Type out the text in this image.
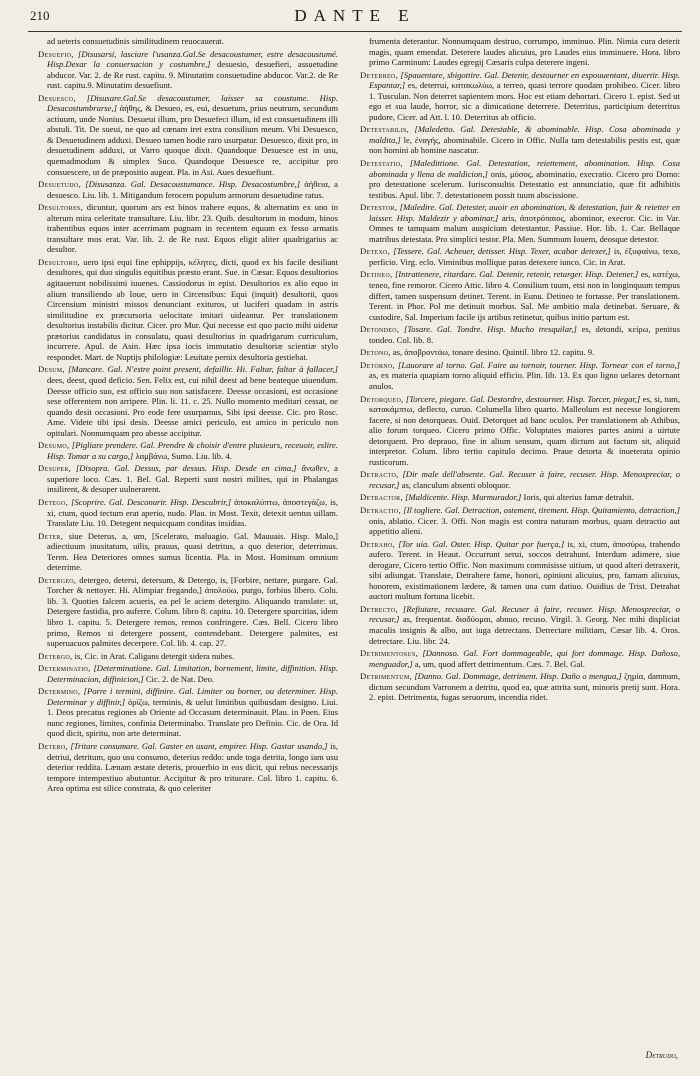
210	DANTE E

ad ueteris consuetudinis similitudinem reuocauerat.

Desuefio, [Disusarsi, lasciare l'usanza.Gal.Se desacoustumer, estre desacoustumé. Hisp.Dexar la conuersacion y costumbre,] desuesio, desuefieri, assuetudine abducor. Var. 2. de Re rust. capitu. 9. Minutatim consuetudine abducor. Var.2. de Re rust. capitu.9. Minutatim desuefiunt.

Desuesco, [Disusare.Gal.Se desacoustumer, laisser sa coustume. Hisp. Desacostumbrarse,] ἀήθης, & Desueo, es, eui, desuetum, prius neutrum, secundum actiuum, unde Nonius. Desueui illum, pro Desuefeci illum, id est consuetudinem illi abstuli. Tit. De sueui, ne quo ad cœnam iret extra consilium meum. Vbi Desuesco, & Desuetudinem adduxi. Desueo tamen hodie raro usurpatur. Desuesco, dixit pro, in desuetudinem adduxi, ut Varro quoque dixit. Quandoque Desuesce est in usu, quemadmodum & simplex Suco. Quandoque Desuesce re, accipitur pro consuescere, ut de præpositio augeat. Pla. in Asi. Aues desuefiunt.

Desuetudo, [Disusanza. Gal. Desacoustumance. Hisp. Desacostumbre,] ἀήθεια, a desuesco. Liu. lib. 1. Mitigandum ferocem populum armorum desuetudine ratus.

Desultores, dicuntur, quorum ars est binos trahere equos, & alternatim ex uno in alterum mira celeritate transultare. Liu. libr. 23. Quib. desultorum in modum, binos trahentibus equos inter acerrimam pugnam in recentem equum ex fesso armatis transultare mos erat. Var. lib. 2. de Re rust. Equos eligit aliter quadrigarius ac desultor.

Desultorii, uero ipsi equi fine ephippijs, κέλητες, dicti, quod ex his facile desiliant desultores, qui duo singulis equitibus præsto erant. Sue. in Cæsar. Equos desultorios agitauerunt nobilissimi iuuenes. Cassiodorus in epist. Desultorios ex alio equo in alium transiliendo ab Ioue, uero in Circensibus: Equi (inquit) desultorii, quos Circensium ministri missos denunciant exituros, ut luciferi quadam in astris similitudine ex præcursoria uelocitate imitari uideantur. Per translationem desultorius instabilis dicitur. Cicer. pro Mur. Qui necesse est quo pacto mihi uidetur prætorius candidatus in consulatu, quasi desultorius in quadrigarum curriculum, incurrere. Apul. de Asin. Hæc ipsa iocis immutatio desultoriæ scientiæ stylo respondet. Mart. de Nuptijs philologiæ: Leuitate pernix desultoria gestiebat.

Desum, [Mancare. Gal. N'estre point present, defaillir. Hi. Faltar, faltar à fallacer,] dees, deest, quod deficio. Sen. Felix est, cui nihil deest ad bene beateque uiuendum. Deesse officio suo, est officio suo non satisfacere. Deesse occasioni, est occasione sese offerentem non arripere. Plin. li. 11. c. 25. Nullo momento meditari cessat, ne quando desit occasioni. Pro eode fere usurpamus, Sibi ipsi deesse. Cic. pro Rosc. Ame. Videte tibi ipsi desis. Deesse amici periculo, est amico in periculo non opitulari. Nonnumquam pro abesse accipitur.

Desumo, [Pigliare prendere. Gal. Prendre & choisir d'entre plusieurs, receuoir, eslire. Hisp. Tomar a su cargo,] λαμβάνω, Sumo. Liu. lib. 4.

Desuper, [Disopra. Gal. Dessus, par dessus. Hisp. Desde en cima,] ἄνωθεν, a superiore loco. Cæs. 1. Bel. Gal. Reperti sunt nostri milites, qui in Phalangas insilirent, & desuper uulnerarent.

Detego, [Scoprire. Gal. Desconurir. Hisp. Descubrir,] ἀποκαλύπτω, ἀποστεγάζω, is, xi, ctum, quod tectum erat aperio, nudo. Plau. in Most. Texit, detexit uentus uillam. Translate Liu. 10. Detegent nequicquam conditas insidias.

Deter, siue Deterus, a, um, [Scelerato, maluagio. Gal. Mauuais. Hisp. Malo,] adiectiuum inusitatum, uilis, prauus, quasi detritus, a quo deterior, deterrimus. Teren. Hea Deteriores omnes sumus licentia. Pla. in Most. Hominum omnium deterrime.

Detergeo, detergeo, detersi, detersum, & Detergo, is, [Forbire, nettare, purgare. Gal. Torcher & nettoyer. Hi. Alimpiar fregando,] ἀπολούω, purgo, forbius libero. Colu. lib. 3. Quoties falcem acueris, ea pel le aciem detergito. Aliquando translate: ut, Detergere fastidia, pro auferre. Colum. libro 8. capitu. 10. Detergere spurcitias, idem libro 1. capitu. 5. Detergere remos, remos confringere. Cæs. Bell. Cicero libro primo, Remos si detergere possent, contendebant. Detergere palmites, est superuacuos palmites decerpere. Col. lib. 4. cap. 27.

Detergo, is, Cic. in Arat. Caligans detergit sidera nubes.

Determinatio, [Determinatione. Gal. Limitation, bornement, limite, diffinition. Hisp. Determinacion, diffinicion,] Cic. 2. de Nat. Deo.

Determino, [Porre i termini, diffinire. Gal. Limiter ou borner, ou determiner. Hisp. Determinar y diffinir,] ὁρίζω, terminis, & uelut limitibus quibusdam designo. Liui. 1. Deos precatus regiones ab Oriente ad Occasum determinauit. Plau. in Poen. Eius nunc regiones, limites, confinia Determinabo. Translate pro Definio. Cic. de Ora. Id quod dicit, spiritu, non arte determinat.

Detero, [Tritare consumare. Gal. Gaster en usant, empirer. Hisp. Gastar usando,] is, detriui, detritum, quo usu consumo, deterius reddo: unde toga detrita, longo iam usu deterior reddita. Lænam æstate deteris, prouerbio in eos dicit, qui rebus necessarijs tempore intempestiuo abutuntur. Accipitur & pro triturare. Col. libro 1. capitu. 6. Area optima est silice constrata, & quo celeriter

frumenta deterantur. Nonnumquam destruo, corrumpo, imminuo. Plin. Nimia cura deterit magis, quam emendat. Deterere laudes alicuius, pro Laudes eius imminuere. Hora. libro primo Carminum: Laudes egregij Cæsaris culpa deterere ingeni.

Deterreo, [Spauentare, sbigottire. Gal. Detenir, destourner en espouuentant, diuertir. Hisp. Espantar,] es, deterrui, κατακωλύω, a terreo, quasi terrore quodam prohibeo. Cicer. libro 1. Tusculan. Non deterret sapientem mors. Hoc est etiam dehortari. Cicero 1. epist. Sed ut ego et sua laude, horror, sic a dimicatione deterrere. Deterritus, participium deterritus pudore, Cicer. ad Att. l. 10. Deterritus ab officio.

Detestabilis, [Maledetto. Gal. Detestable, & abominable. Hisp. Cosa abominada y maldita,] le, ἐναγής, abominabile. Cicero in Offic. Nulla tam detestabilis pestis est, quæ non homini ab homine nascatur.

Detestatio, [Maledittione. Gal. Detestation, reiettement, abomination. Hisp. Cosa abominada y llena de maldicion,] onis, μύσος, abominatio, execratio. Cicero pro Domo: pro detestatione scelerum. Iurisconsultis Detestatio est annunciatio, quæ fit adhibitis testibus. Apul. libr. 7. detestationem possit tuum abscissione.

Detestor, [Maledire. Gal. Detester, auoir en abomination, & detestation, fuir & reietter en laisser. Hisp. Maldezir y abominar,] aris, ἀποτρόπαιος, abominor, execror. Cic. in Var. Omnes te tamquam malum auspicium detestantur. Passiue. Hor. lib. 1. Car. Bellaque matribus detestata. Pro simplici testor. Pla. Men. Summum Iouem, deosque detestor.

Detexo, [Tessere. Gal. Acheuer, detisser. Hisp. Texer, acabar detexer,] is, ἐξυφαίνω, texo, perficio. Virg. eclo. Viminibus mollique paras detexere iunco. Cic. in Arat.

Detineo, [Intrattenere, ritardare. Gal. Detenir, retenir, retarger. Hisp. Detener,] es, κατέχω, teneo, fine remoror. Cicero Attic. libro 4. Consilium tuum, etsi non in longinquum tempus differt, tamen suspensum detinet. Terent. in Eunu. Detineo te fortasse. Per translationem. Terent. in Phor. Pol me detinuit morbus. Sal. Me ambitio mala detinebat. Seruare, & custodire, Sal. Imperium facile ijs artibus retinetur, quibus initio partum est.

Detondeo, [Tosare. Gal. Tondre. Hisp. Mucho tresquilar,] es, detondi, κείρω, penitus tondeo. Col. lib. 8.

Detono, as, ἀποβροντάω, tonare desino. Quintil. libro 12. capitu. 9.

Detorno, [Lauorare al torno. Gal. Faire au tornoir, tourner. Hisp. Tornear con el torno,] as, ex materia quapiam torno aliquid efficio. Plin. lib. 13. Ex quo ligno uelares detornant anulos.

Detorqueo, [Torcere, piegare. Gal. Destordre, destourner. Hisp. Torcer, piegar,] es, si, tum, κατακάμπτω, deflecto, curuo. Columella libro quarto. Malleolum est necesse longiorem facere, si non detorqueas. Ouid. Detorquet ad hanc oculos. Per translationem ab Athibus, alio forum torqueo. Cicero primo Offic. Voluptates maiores partes animi a uirtute detorquent. Pro deprauo, fine in alium sensum, quam dictum aut factum sit, aliquid interpretor. Colum. libro tertio capitulo decimo. Praue detorta & inueterata opinio rusticorum.

Detracto, [Dir male dell'absente. Gal. Recuser à faire, recuser. Hisp. Menospreciar, o recusar,] as, clanculum absenti obloquor.

Detractor, [Maldicente. Hisp. Murmurador,] Ioris, qui alterius famæ detrahit.

Detractio, [Il togliere. Gal. Detraction, ostement, tirement. Hisp. Quitamiento, detraction,] onis, ablatio. Cicer. 3. Offi. Non magis est contra naturam morbus, quam detractio aut appetitio alieni.

Detraho, [Tor uia. Gal. Oster. Hisp. Quitar por fuerça,] is, xi, ctum, ἀποσύρω, trahendo aufero. Terent. in Heaut. Occurrunt serui, soccos detrahunt. Interdum adimere, siue derogare, Cicero tertio Offic. Non maximum commisisse uitium, ut quod alteri detraxerit, sibi adiungat. Translate, Detrahere fame, honori, opinioni alicuius, pro, famam alicuius, honorem, existimationem lædere, & tamen una cum datiuo. Ouidius de Trist. Detrahat auctori multum fortuna licebit.

Detrecto, [Refiutare, recusare. Gal. Recuser à faire, recuser. Hisp. Menospreciar, o recusar,] as, frequentat. διαδύομαι, abnuo, recuso. Virgil. 3. Georg. Nec mihi displiciat maculis insignis & albo, aut iuga detrectans. Detrectare militiam, Cæsar lib. 4. Oros. detrectare. Liu. libr. 24.

Detrimentosus, [Dannoso. Gal. Fort dommageable, qui fort dommage. Hisp. Dañoso, menguador,] a, um, quod affert detrimentum. Cæs. 7. Bel. Gal.

Detrimentum, [Danno. Gal. Dommage, detriment. Hisp. Daño o mengua,] ζημία, damnum, dictum secundum Varronem a detritu, quod ea, quæ attrita sunt, minoris pretij sunt. Hora. 2. epist. Detrimenta, fugas seruorum, incendia ridet.

Detrudo,
